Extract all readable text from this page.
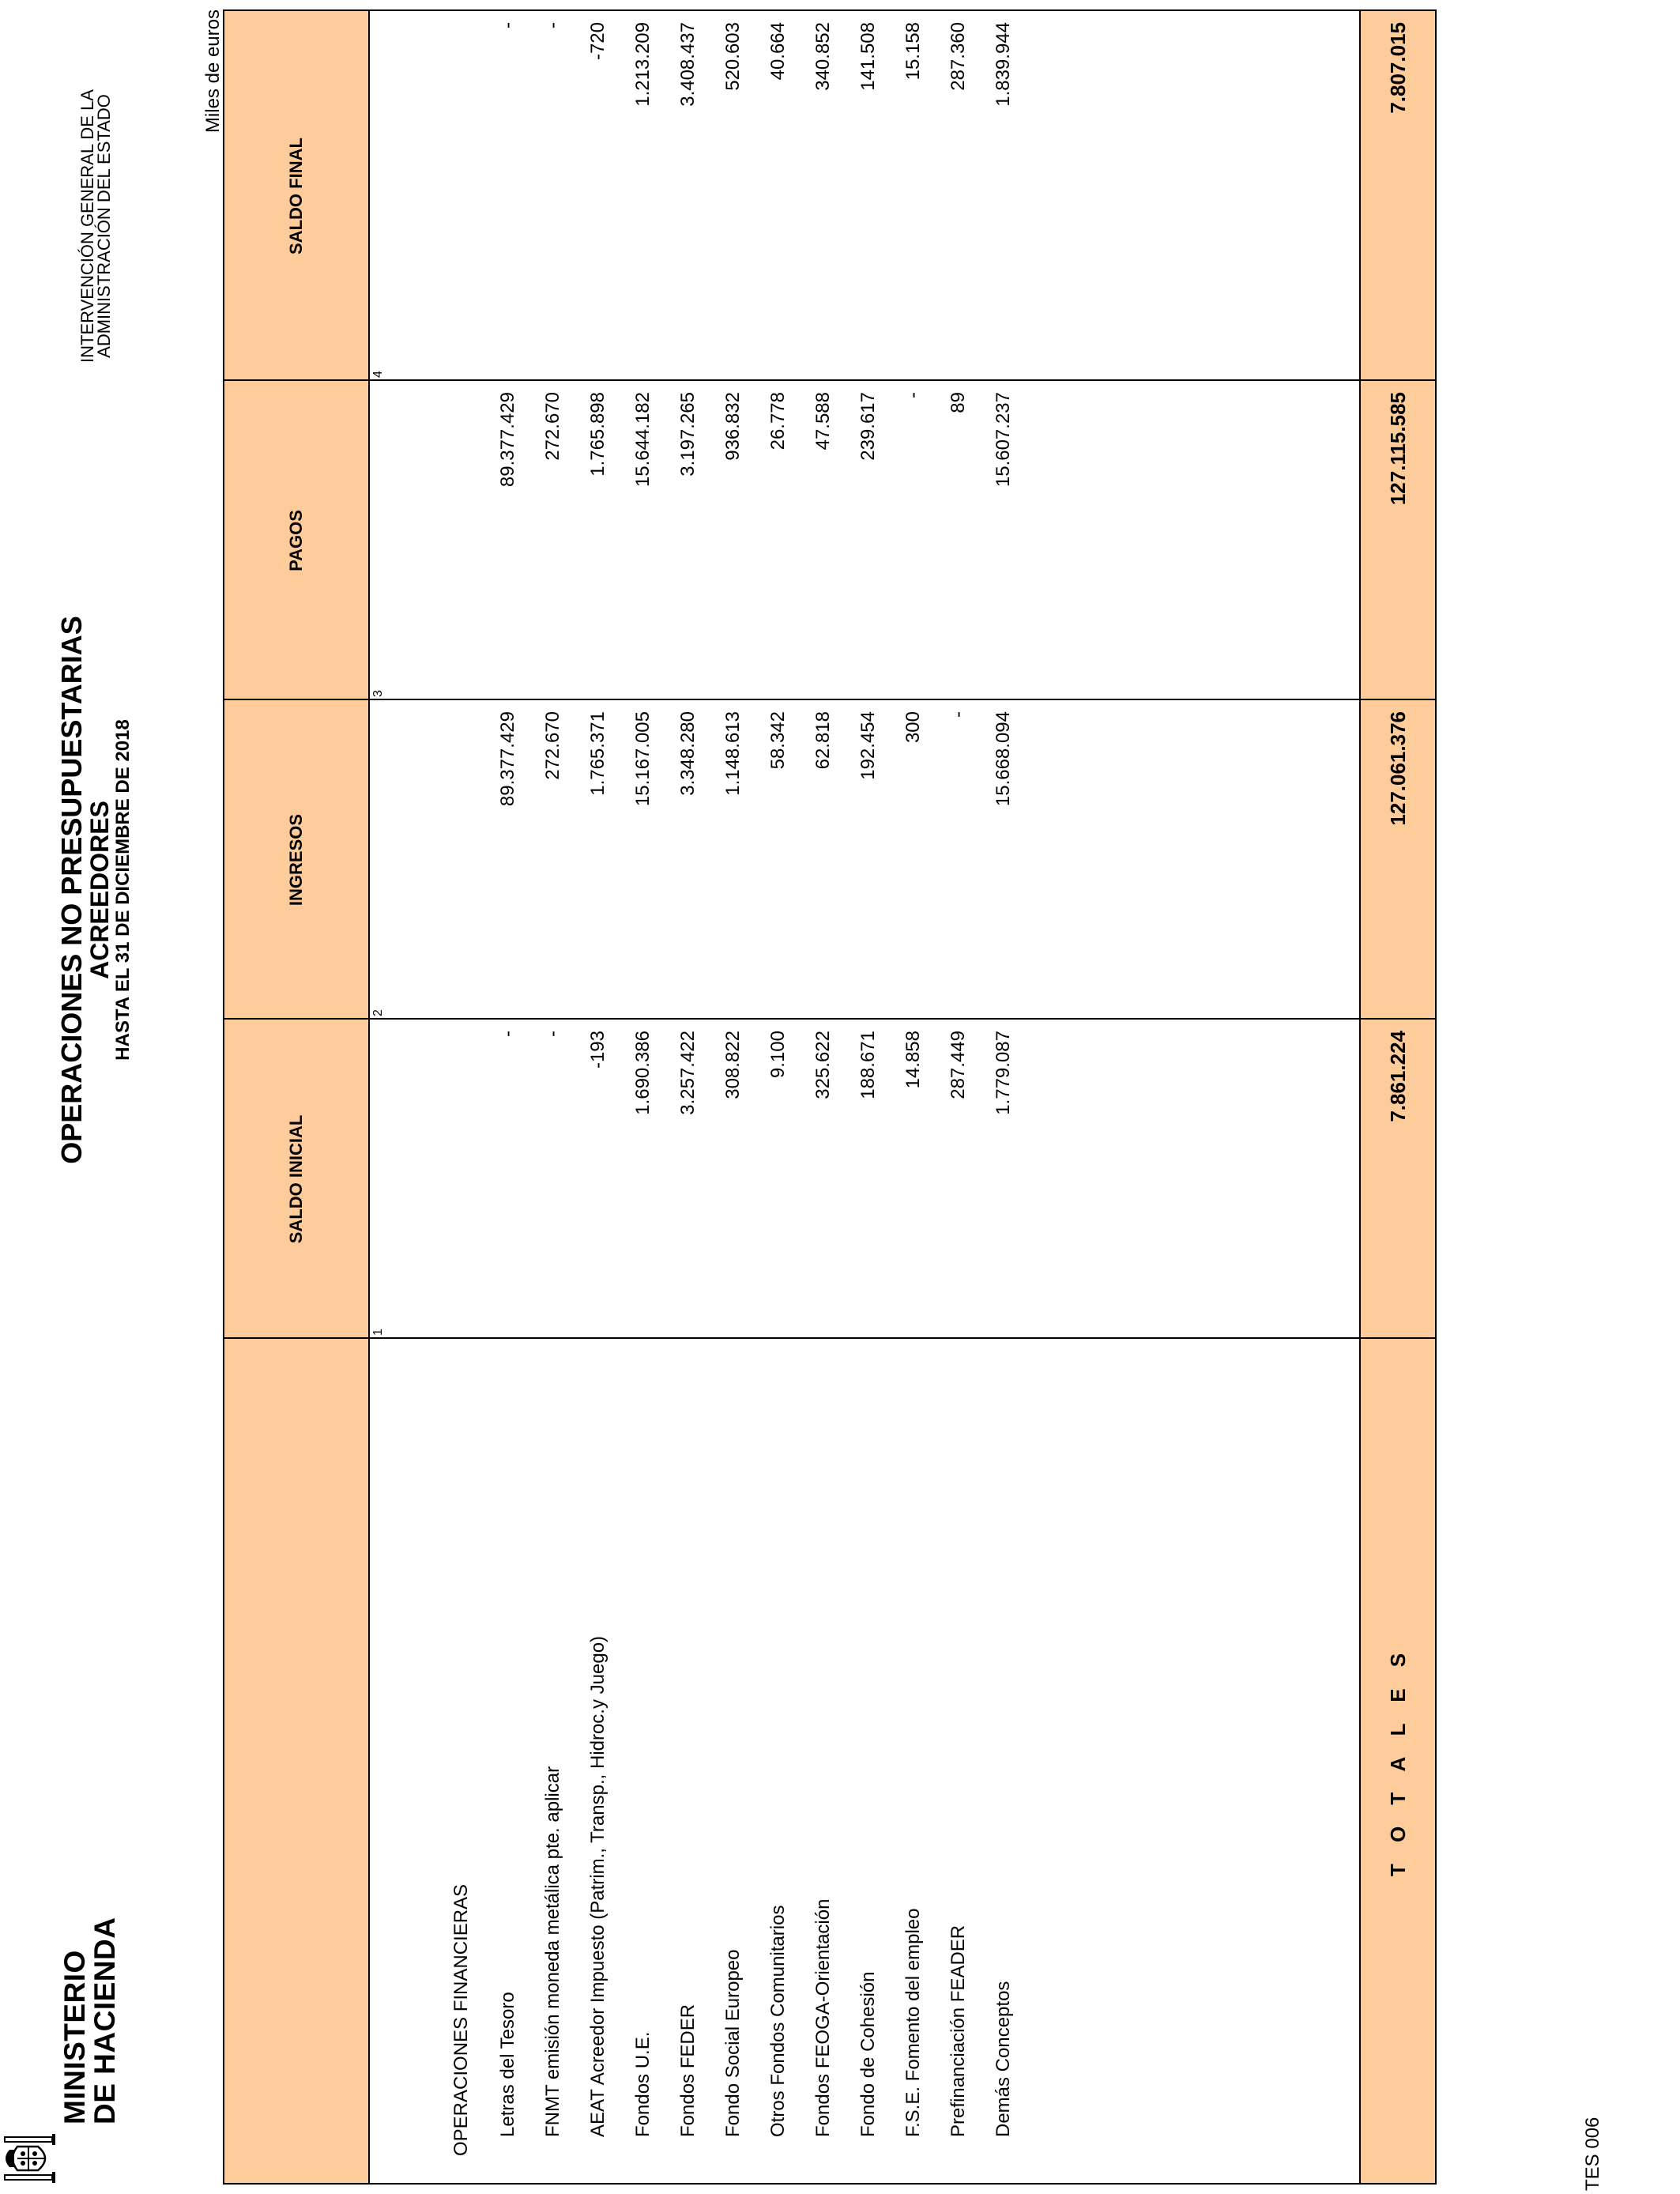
MINISTERIO
DE HACIENDA
OPERACIONES NO PRESUPUESTARIAS
ACREEDORES
HASTA EL 31 DE DICIEMBRE DE 2018
INTERVENCIÓN GENERAL DE LA
ADMINISTRACIÓN DEL ESTADO
Miles de euros
SALDO INICIAL
INGRESOS
PAGOS
SALDO FINAL
1
2
3
4
OPERACIONES FINANCIERAS	Letras del Tesoro
-
89.377.429
89.377.429
-
FNMT emisión moneda metálica pte. aplicar
-
272.670
272.670
-
AEAT Acreedor Impuesto (Patrim., Transp., Hidroc.y Juego)
-193
1.765.371
1.765.898
-720
Fondos U.E.
1.690.386
15.167.005
15.644.182
1.213.209
Fondos FEDER
3.257.422
3.348.280
3.197.265
3.408.437
Fondo Social Europeo
308.822
1.148.613
936.832
520.603
Otros Fondos Comunitarios
9.100
58.342
26.778
40.664
Fondos FEOGA-Orientación
325.622
62.818
47.588
340.852
Fondo de Cohesión
188.671
192.454
239.617
141.508
F.S.E. Fomento del empleo
14.858
300
-
15.158
Prefinanciación FEADER
287.449
-
89
287.360
Demás Conceptos
1.779.087
15.668.094
15.607.237
1.839.944
T O T A L E S
7.861.224
127.061.376
127.115.585
7.807.015
TES 006
